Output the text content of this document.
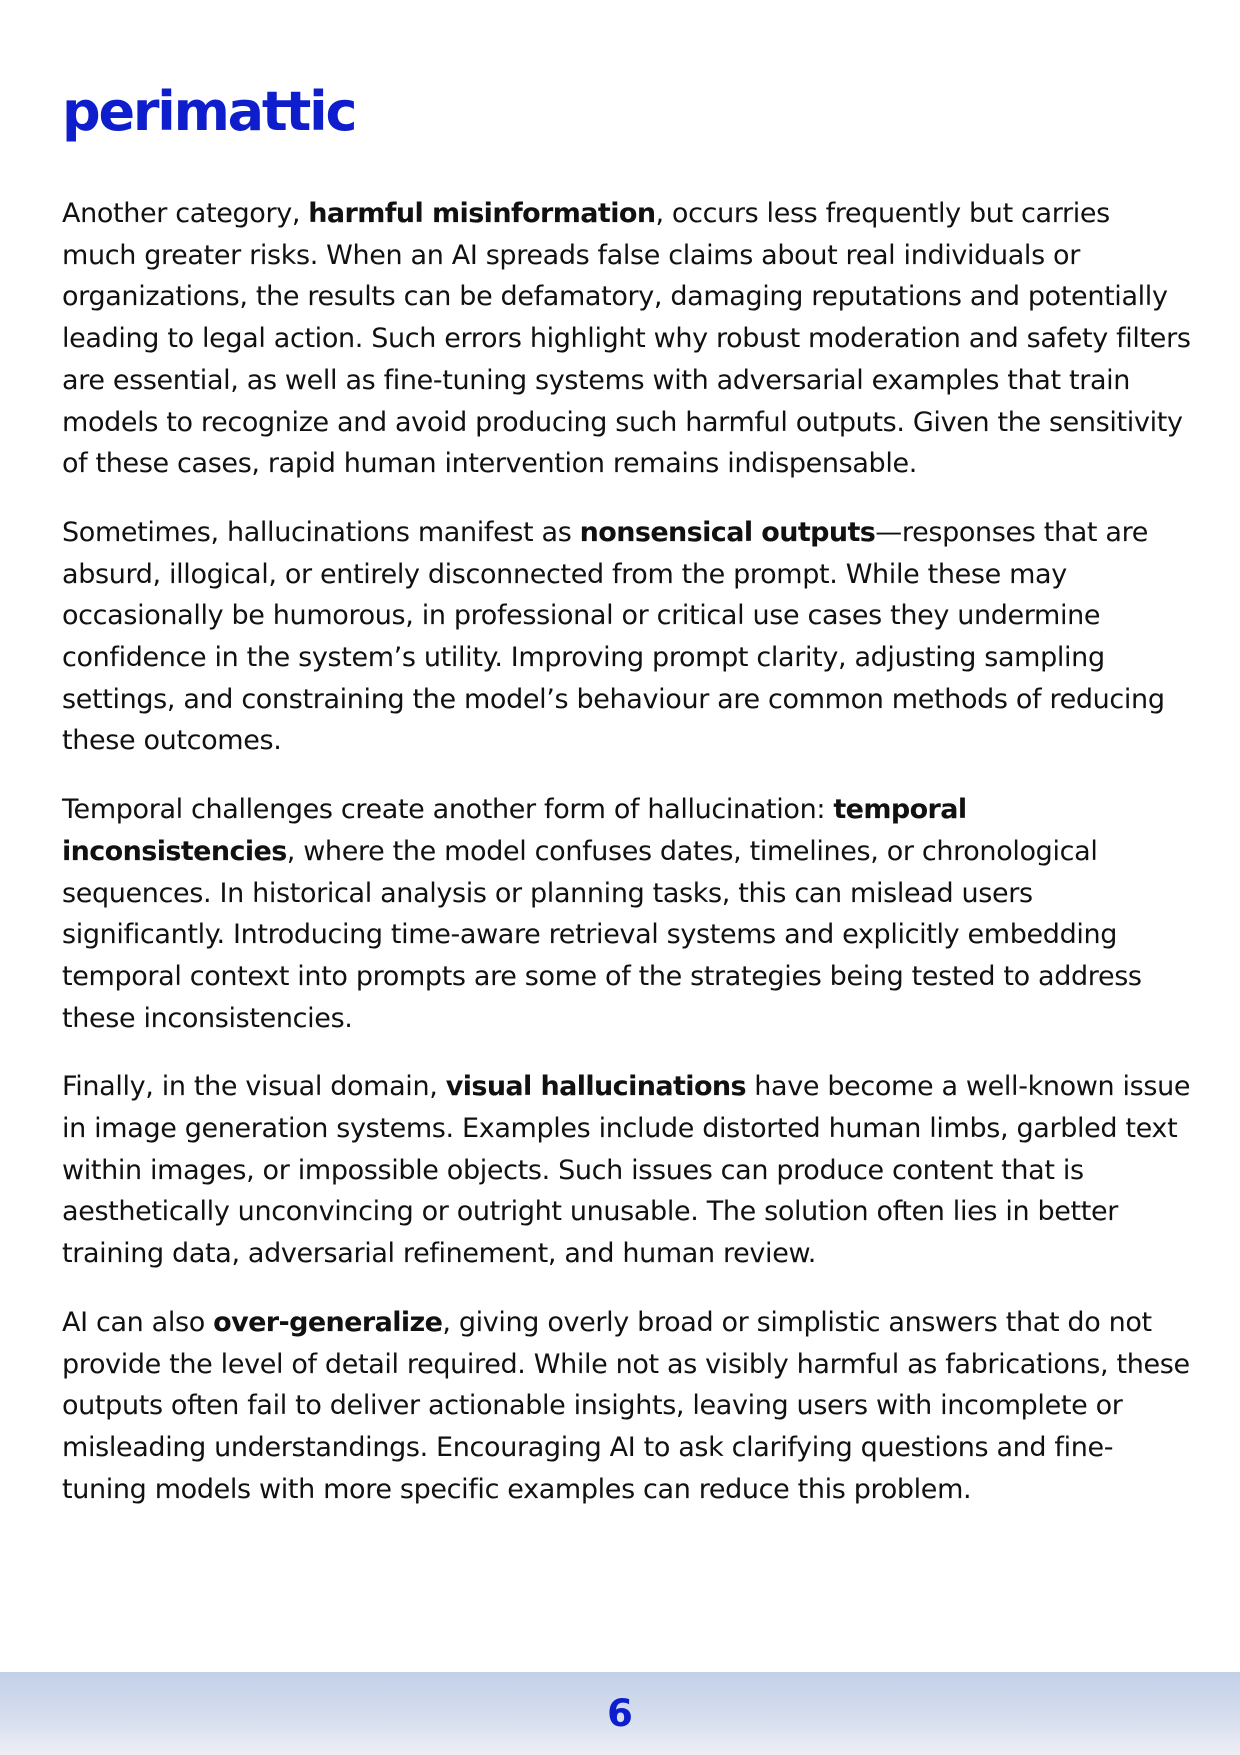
perimattic

Another category, harmful misinformation, occurs less frequently but carries much greater risks. When an AI spreads false claims about real individuals or organizations, the results can be defamatory, damaging reputations and potentially leading to legal action. Such errors highlight why robust moderation and safety filters are essential, as well as fine-tuning systems with adversarial examples that train models to recognize and avoid producing such harmful outputs. Given the sensitivity of these cases, rapid human intervention remains indispensable.

Sometimes, hallucinations manifest as nonsensical outputs—responses that are absurd, illogical, or entirely disconnected from the prompt. While these may occasionally be humorous, in professional or critical use cases they undermine confidence in the system’s utility. Improving prompt clarity, adjusting sampling settings, and constraining the model’s behaviour are common methods of reducing these outcomes.

Temporal challenges create another form of hallucination: temporal inconsistencies, where the model confuses dates, timelines, or chronological sequences. In historical analysis or planning tasks, this can mislead users significantly. Introducing time-aware retrieval systems and explicitly embedding temporal context into prompts are some of the strategies being tested to address these inconsistencies.

Finally, in the visual domain, visual hallucinations have become a well-known issue in image generation systems. Examples include distorted human limbs, garbled text within images, or impossible objects. Such issues can produce content that is aesthetically unconvincing or outright unusable. The solution often lies in better training data, adversarial refinement, and human review.

AI can also over-generalize, giving overly broad or simplistic answers that do not provide the level of detail required. While not as visibly harmful as fabrications, these outputs often fail to deliver actionable insights, leaving users with incomplete or misleading understandings. Encouraging AI to ask clarifying questions and fine-tuning models with more specific examples can reduce this problem.

6
